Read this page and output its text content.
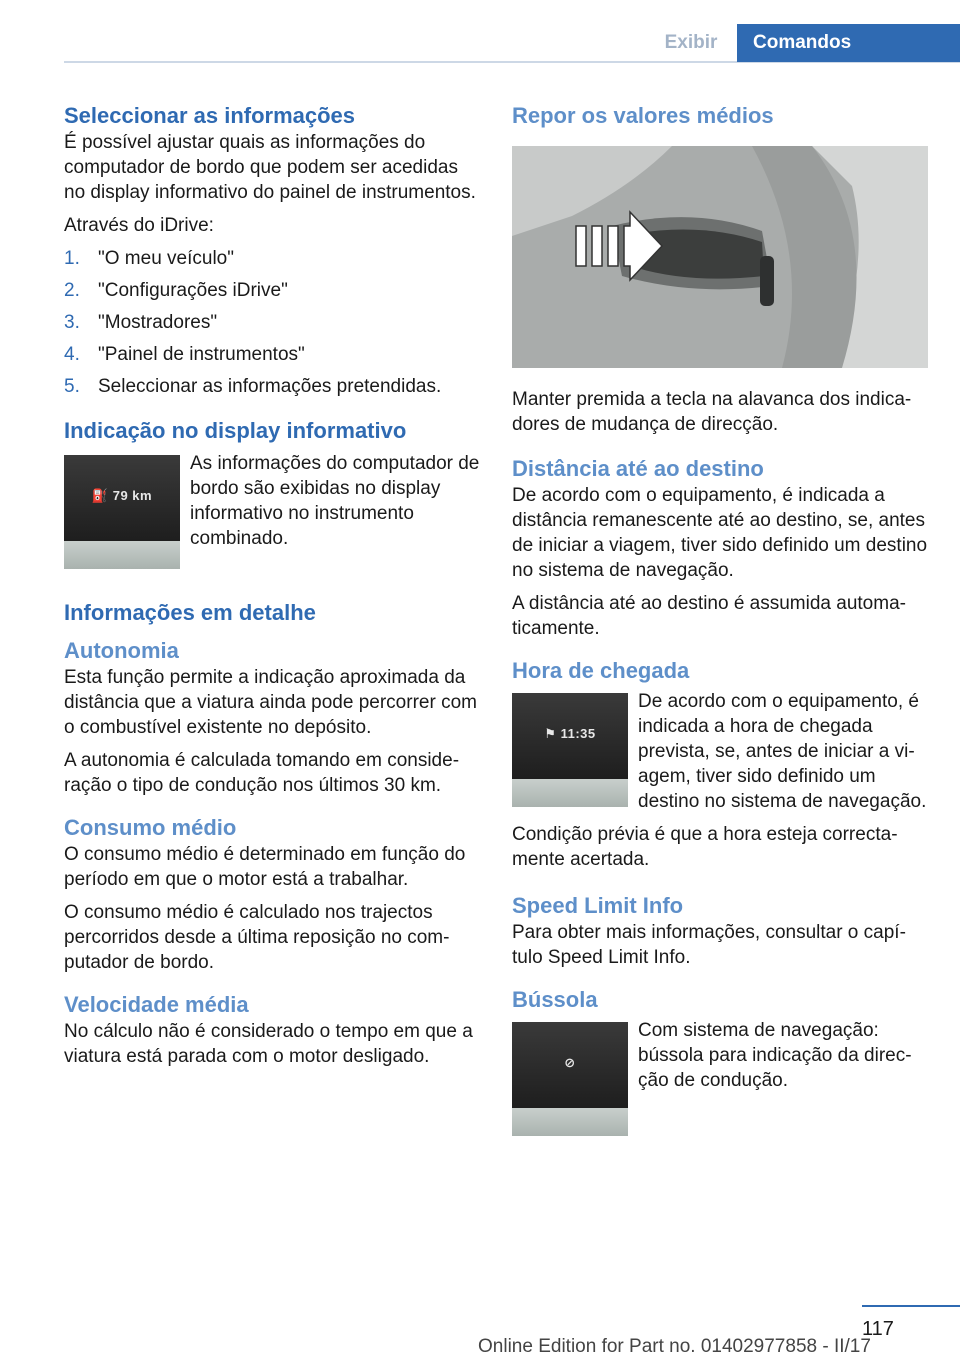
Exibir	Comandos
Seleccionar as informações

É possível ajustar quais as informações do computador de bordo que podem ser acedidas no display informativo do painel de instrumentos.

Através do iDrive:

1. "O meu veículo"
2. "Configurações iDrive"
3. "Mostradores"
4. "Painel de instrumentos"
5. Seleccionar as informações pretendidas.
Indicação no display informativo
⛽ 79 km

As informações do computador de bordo são exibidas no display informativo no instrumento combinado.

Informações em detalhe
Autonomia

Esta função permite a indicação aproximada da distância que a viatura ainda pode percorrer com o combustível existente no depósito.

A autonomia é calculada tomando em consideração o tipo de condução nos últimos 30 km.

Consumo médio

O consumo médio é determinado em função do período em que o motor está a trabalhar.

O consumo médio é calculado nos trajectos percorridos desde a última reposição no computador de bordo.

Velocidade média

No cálculo não é considerado o tempo em que a viatura está parada com o motor desligado.

Repor os valores médios

Manter premida a tecla na alavanca dos indicadores de mudança de direcção.

Distância até ao destino

De acordo com o equipamento, é indicada a distância remanescente até ao destino, se, antes de iniciar a viagem, tiver sido definido um destino no sistema de navegação.

A distância até ao destino é assumida automaticamente.

Hora de chegada
⚑ 11:35

De acordo com o equipamento, é indicada a hora de chegada prevista, se, antes de iniciar a viagem, tiver sido definido um destino no sistema de navegação.

Condição prévia é que a hora esteja correctamente acertada.

Speed Limit Info

Para obter mais informações, consultar o capítulo Speed Limit Info.

Bússola
⊘

Com sistema de navegação: bússola para indicação da direcção de condução.

117
Online Edition for Part no. 01402977858 - II/17
